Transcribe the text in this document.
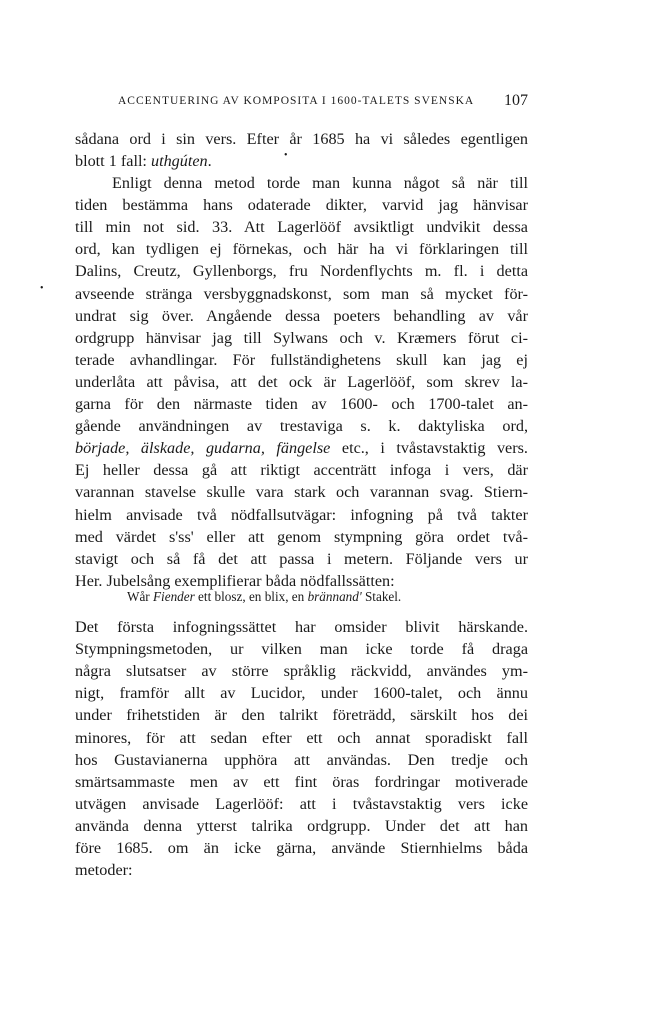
ACCENTUERING AV KOMPOSITA I 1600-TALETS SVENSKA 107
•
•
sådana ord i sin vers. Efter år 1685 ha vi således egentligen
blott 1 fall: uthgúten.
Enligt denna metod torde man kunna något så när till
tiden bestämma hans odaterade dikter, varvid jag hänvisar
till min not sid. 33. Att Lagerlööf avsiktligt undvikit dessa
ord, kan tydligen ej förnekas, och här ha vi förklaringen till
Dalins, Creutz, Gyllenborgs, fru Nordenflychts m. fl. i detta
avseende stränga versbyggnadskonst, som man så mycket för-
undrat sig över. Angående dessa poeters behandling av vår
ordgrupp hänvisar jag till Sylwans och v. Kræmers förut ci-
terade avhandlingar. För fullständighetens skull kan jag ej
underlåta att påvisa, att det ock är Lagerlööf, som skrev la-
garna för den närmaste tiden av 1600- och 1700-talet an-
gående användningen av trestaviga s. k. daktyliska ord,
började, älskade, gudarna, fängelse etc., i tvåstavstaktig vers.
Ej heller dessa gå att riktigt accenträtt infoga i vers, där
varannan stavelse skulle vara stark och varannan svag. Stiern-
hielm anvisade två nödfallsutvägar: infogning på två takter
med värdet s'ss' eller att genom stympning göra ordet två-
stavigt och så få det att passa i metern. Följande vers ur
Her. Jubelsång exemplifierar båda nödfallssätten:
Det första infogningssättet har omsider blivit härskande.
Stympningsmetoden, ur vilken man icke torde få draga
några slutsatser av större språklig räckvidd, användes ym-
nigt, framför allt av Lucidor, under 1600-talet, och ännu
under frihetstiden är den talrikt företrädd, särskilt hos dei
minores, för att sedan efter ett och annat sporadiskt fall
hos Gustavianerna upphöra att användas. Den tredje och
smärtsammaste men av ett fint öras fordringar motiverade
utvägen anvisade Lagerlööf: att i tvåstavstaktig vers icke
använda denna ytterst talrika ordgrupp. Under det att han
före 1685. om än icke gärna, använde Stiernhielms båda
metoder:
Wår Fiender ett blosz, en blix, en brännand' Stakel.
